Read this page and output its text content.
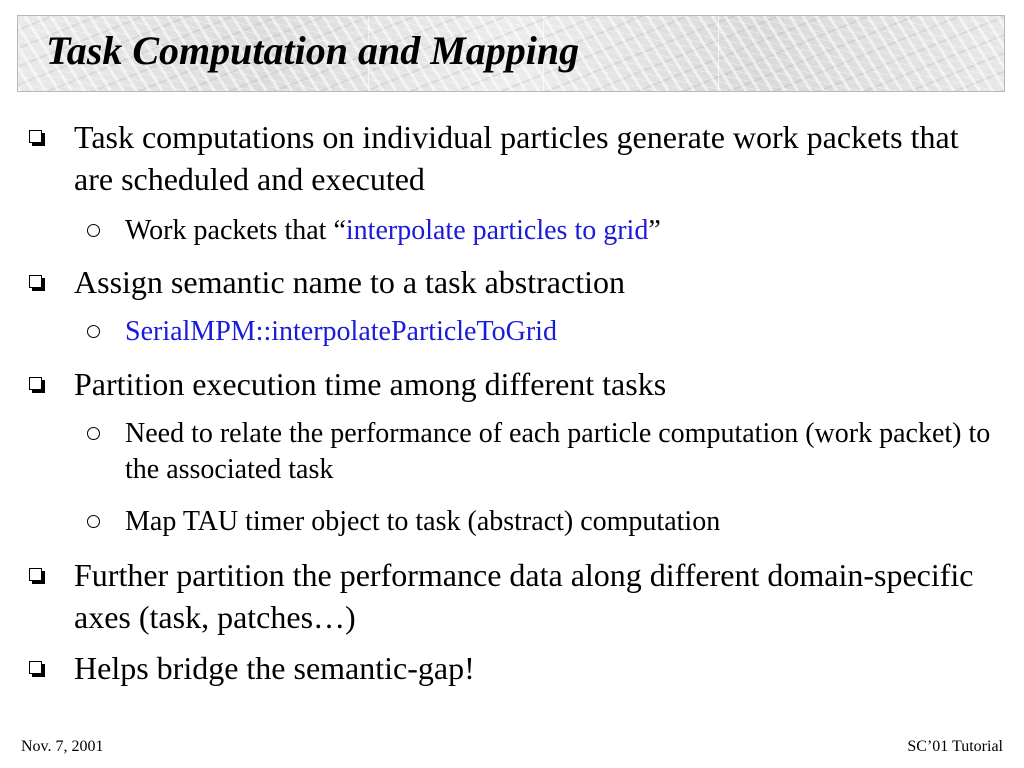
Task Computation and Mapping

Task computations on individual particles generate work packets that are scheduled and executed

Work packets that “interpolate particles to grid”

Assign semantic name to a task abstraction

SerialMPM::interpolateParticleToGrid

Partition execution time among different tasks

Need to relate the performance of each particle computation (work packet) to the associated task

Map TAU timer object to task (abstract) computation

Further partition the performance data along different domain-specific axes (task, patches…)

Helps bridge the semantic-gap!

Nov. 7, 2001	SC’01 Tutorial
